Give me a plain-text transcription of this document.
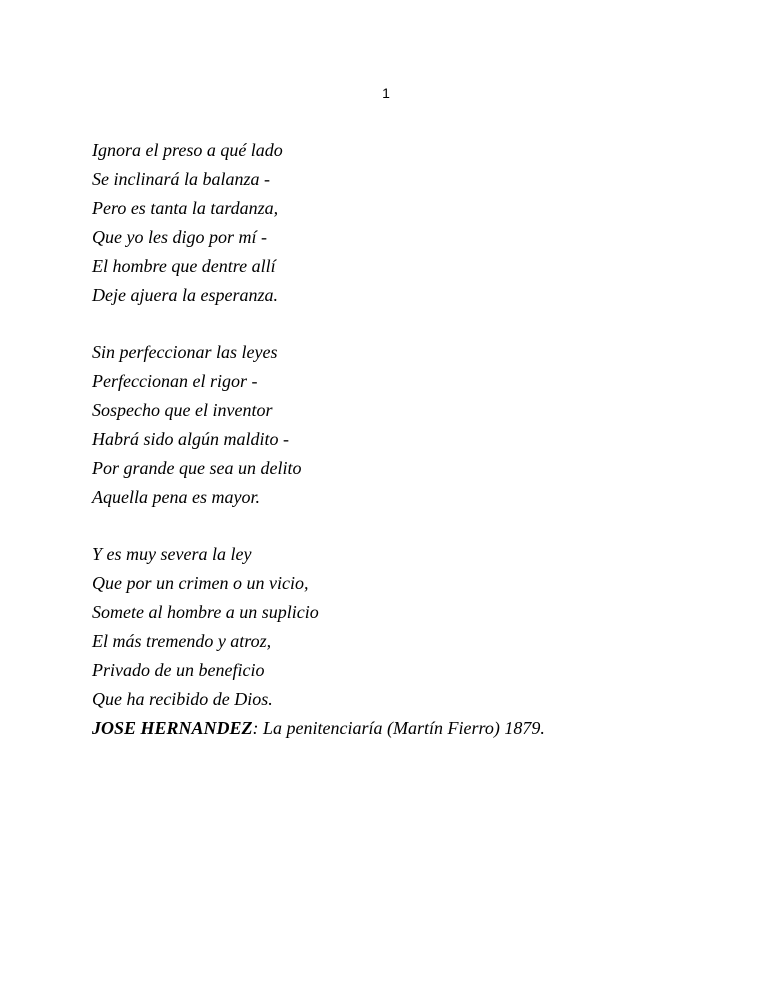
1
Ignora el preso a qué lado
Se inclinará la balanza -
Pero es tanta la tardanza,
Que yo les digo por mí -
El hombre que dentre allí
Deje ajuera la esperanza.
Sin perfeccionar las leyes
Perfeccionan el rigor -
Sospecho que el inventor
Habrá sido algún maldito -
Por grande que sea un delito
Aquella pena es mayor.
Y es muy severa la ley
Que por un crimen o un vicio,
Somete al hombre a un suplicio
El más tremendo y atroz,
Privado de un beneficio
Que ha recibido de Dios.
JOSE HERNANDEZ: La penitenciaría (Martín Fierro) 1879.
